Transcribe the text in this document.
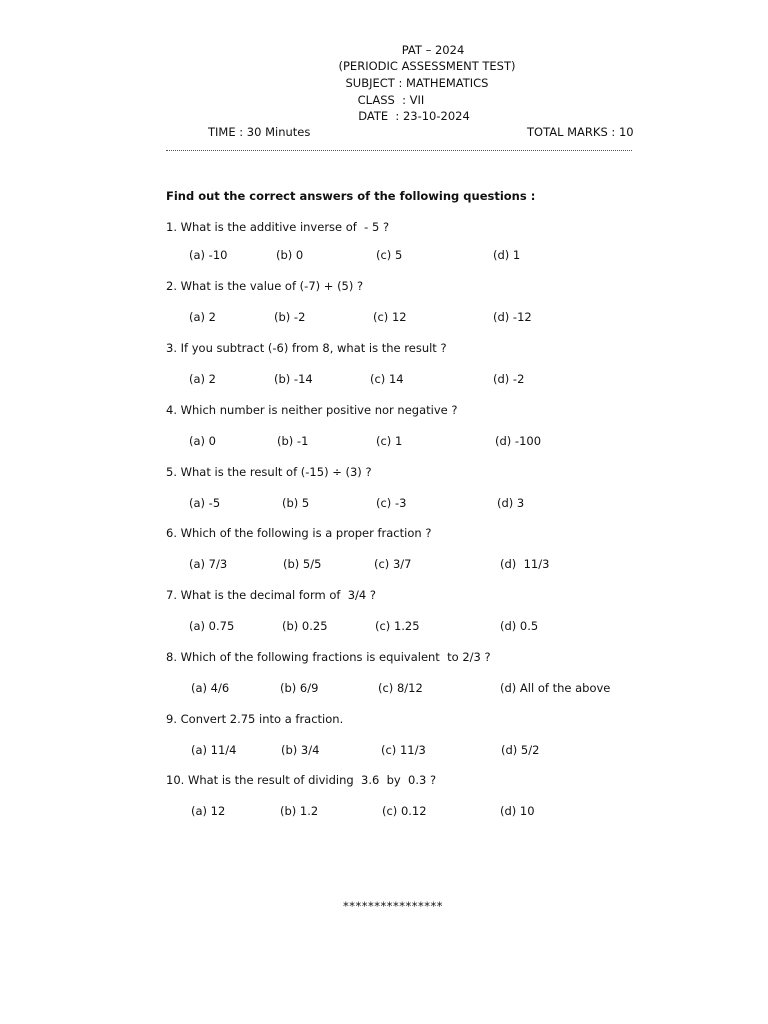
PAT – 2024
(PERIODIC ASSESSMENT TEST)
SUBJECT : MATHEMATICS
CLASS  : VII
DATE  : 23-10-2024
TIME : 30 Minutes	TOTAL MARKS : 10
Find out the correct answers of the following questions :
1. What is the additive inverse of  - 5 ?
(a) -10	(b) 0	(c) 5	(d) 1
2. What is the value of (-7) + (5) ?
(a) 2	(b) -2	(c) 12	(d) -12
3. If you subtract (-6) from 8, what is the result ?
(a) 2	(b) -14	(c) 14	(d) -2
4. Which number is neither positive nor negative ?
(a) 0	(b) -1	(c) 1	(d) -100
5. What is the result of (-15) ÷ (3) ?
(a) -5	(b) 5	(c) -3	(d) 3
6. Which of the following is a proper fraction ?
(a) 7/3	(b) 5/5	(c) 3/7	(d)  11/3
7. What is the decimal form of  3/4 ?
(a) 0.75	(b) 0.25	(c) 1.25	(d) 0.5
8. Which of the following fractions is equivalent  to 2/3 ?
(a) 4/6	(b) 6/9	(c) 8/12	(d) All of the above
9. Convert 2.75 into a fraction.
(a) 11/4	(b) 3/4	(c) 11/3	(d) 5/2
10. What is the result of dividing  3.6  by  0.3 ?
(a) 12	(b) 1.2	(c) 0.12	(d) 10
****************
